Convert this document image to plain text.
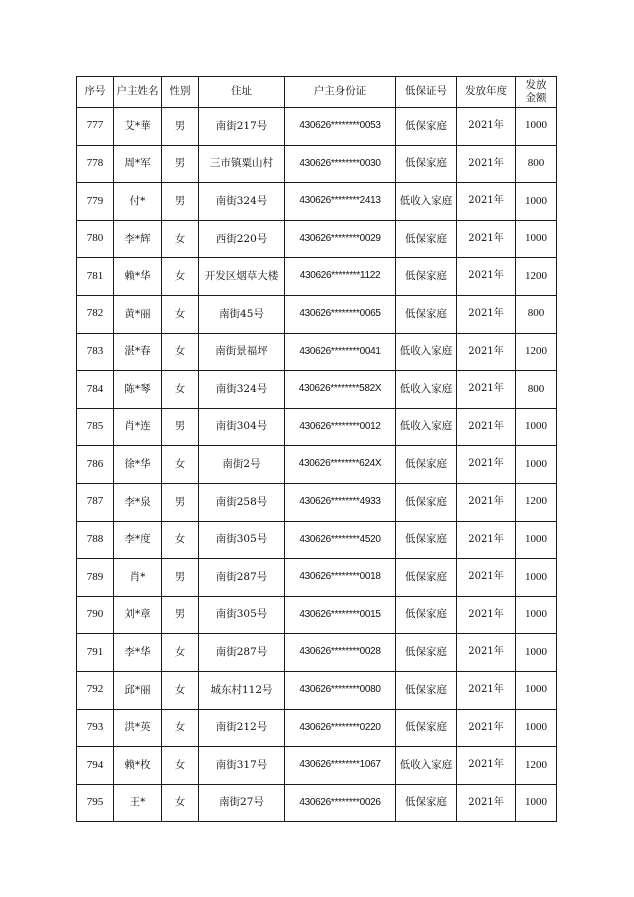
序号	户主姓名	性别	住址	户主身份证	低保证号	发放年度	发放
金额
777	艾*華	男	南街217号	430626********0053	低保家庭	2021年	1000
778	周*军	男	三市镇粟山村	430626********0030	低保家庭	2021年	800
779	付*	男	南街324号	430626********2413	低收入家庭	2021年	1000
780	李*辉	女	西街220号	430626********0029	低保家庭	2021年	1000
781	赖*华	女	开发区烟草大楼	430626********1122	低保家庭	2021年	1200
782	黄*丽	女	南街45号	430626********0065	低保家庭	2021年	800
783	湛*春	女	南街景福坪	430626********0041	低收入家庭	2021年	1200
784	陈*琴	女	南街324号	430626********582X	低收入家庭	2021年	800
785	肖*连	男	南街304号	430626********0012	低收入家庭	2021年	1000
786	徐*华	女	南街2号	430626********624X	低保家庭	2021年	1000
787	李*泉	男	南街258号	430626********4933	低保家庭	2021年	1200
788	李*度	女	南街305号	430626********4520	低保家庭	2021年	1000
789	肖*	男	南街287号	430626********0018	低保家庭	2021年	1000
790	刘*章	男	南街305号	430626********0015	低保家庭	2021年	1000
791	李*华	女	南街287号	430626********0028	低保家庭	2021年	1000
792	邱*丽	女	城东村112号	430626********0080	低保家庭	2021年	1000
793	洪*英	女	南街212号	430626********0220	低保家庭	2021年	1000
794	赖*枚	女	南街317号	430626********1067	低收入家庭	2021年	1200
795	王*	女	南街27号	430626********0026	低保家庭	2021年	1000
